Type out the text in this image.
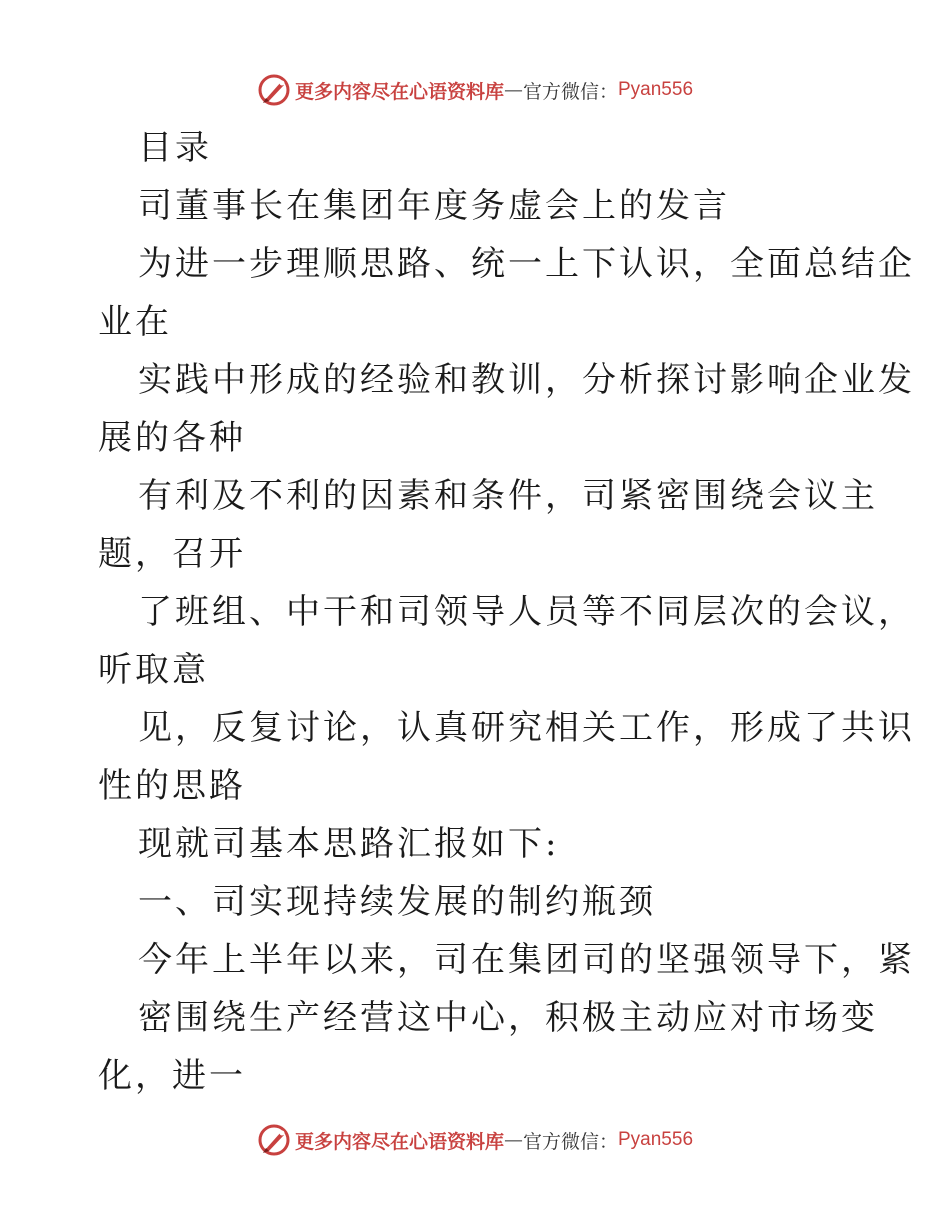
更多内容尽在心语资料库 — 官方微信： Pyan556
目录
司董事长在集团年度务虚会上的发言
为进一步理顺思路、统一上下认识，全面总结企
业在
实践中形成的经验和教训，分析探讨影响企业发
展的各种
有利及不利的因素和条件，司紧密围绕会议主
题，召开
了班组、中干和司领导人员等不同层次的会议，
听取意
见，反复讨论，认真研究相关工作，形成了共识
性的思路
现就司基本思路汇报如下:
一、司实现持续发展的制约瓶颈
今年上半年以来，司在集团司的坚强领导下，紧
密围绕生产经营这中心，积极主动应对市场变
化，进一
更多内容尽在心语资料库 — 官方微信： Pyan556
